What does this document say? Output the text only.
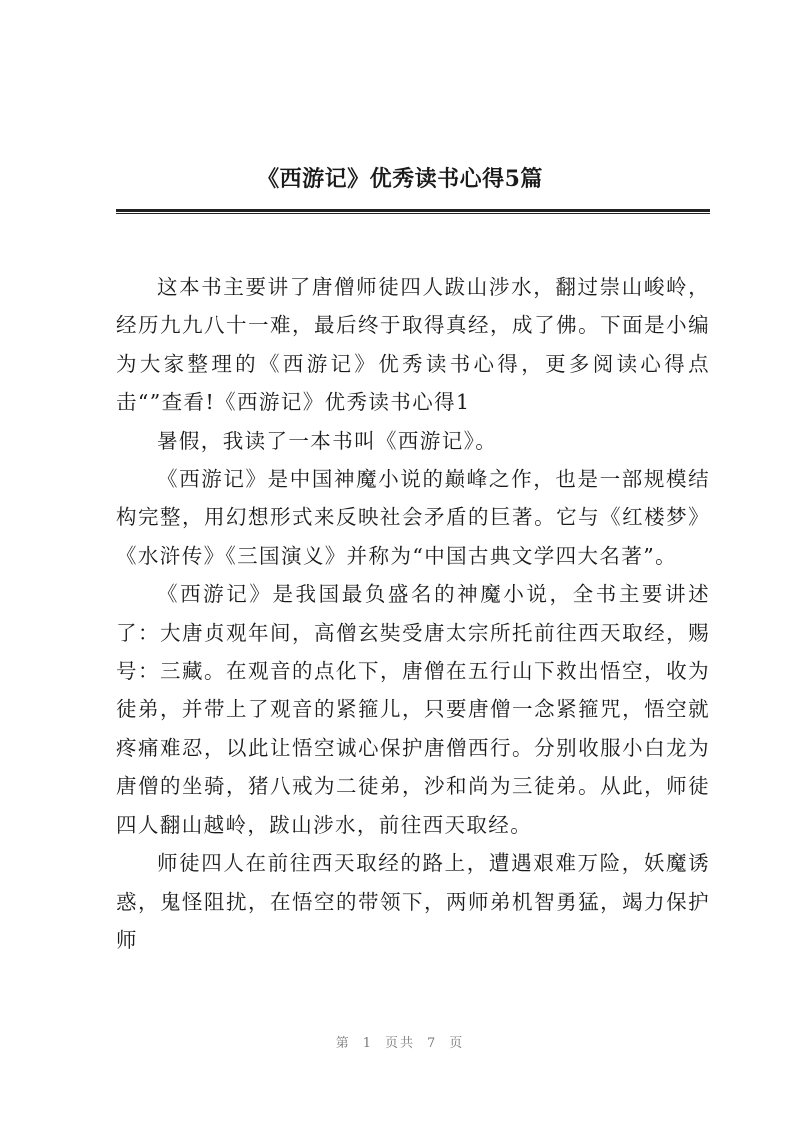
《西游记》优秀读书心得5篇

这本书主要讲了唐僧师徒四人跋山涉水，翻过崇山峻岭，经历九九八十一难，最后终于取得真经，成了佛。下面是小编为大家整理的《西游记》优秀读书心得，更多阅读心得点击“”查看!《西游记》优秀读书心得1

暑假，我读了一本书叫《西游记》。

《西游记》是中国神魔小说的巅峰之作，也是一部规模结构完整，用幻想形式来反映社会矛盾的巨著。它与《红楼梦》《水浒传》《三国演义》并称为“中国古典文学四大名著”。

《西游记》是我国最负盛名的神魔小说，全书主要讲述了：大唐贞观年间，高僧玄奘受唐太宗所托前往西天取经，赐号：三藏。在观音的点化下，唐僧在五行山下救出悟空，收为徒弟，并带上了观音的紧箍儿，只要唐僧一念紧箍咒，悟空就疼痛难忍，以此让悟空诚心保护唐僧西行。分别收服小白龙为唐僧的坐骑，猪八戒为二徒弟，沙和尚为三徒弟。从此，师徒四人翻山越岭，跋山涉水，前往西天取经。

师徒四人在前往西天取经的路上，遭遇艰难万险，妖魔诱惑，鬼怪阻扰，在悟空的带领下，两师弟机智勇猛，竭力保护师

第 1 页共 7 页
